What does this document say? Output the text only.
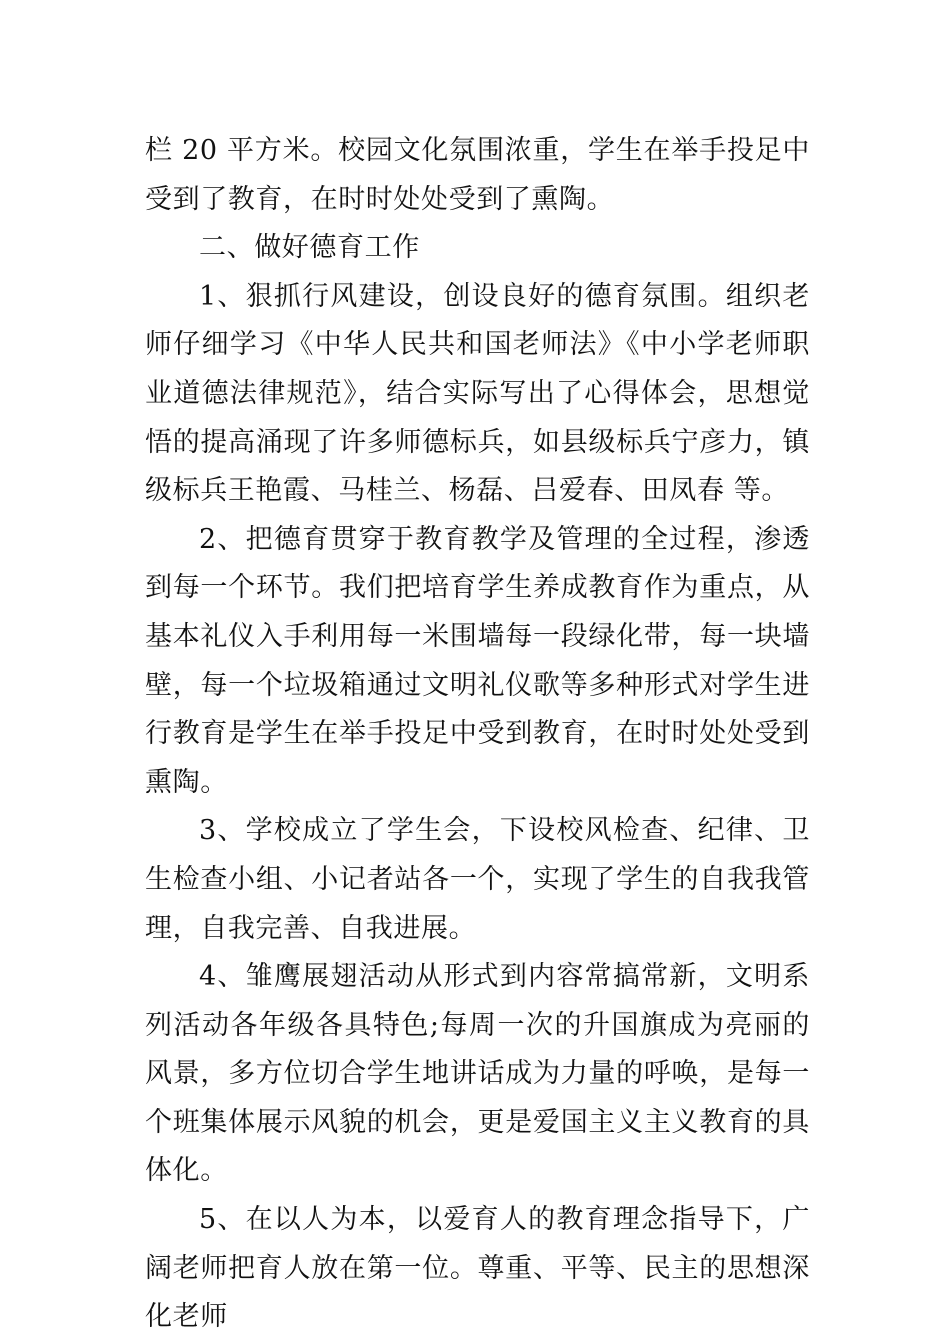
栏 20 平方米。校园文化氛围浓重，学生在举手投足中受到了教育，在时时处处受到了熏陶。

二、做好德育工作

1、狠抓行风建设，创设良好的德育氛围。组织老师仔细学习《中华人民共和国老师法》《中小学老师职业道德法律规范》，结合实际写出了心得体会，思想觉悟的提高涌现了许多师德标兵，如县级标兵宁彦力，镇级标兵王艳霞、马桂兰、杨磊、吕爱春、田凤春 等。

2、把德育贯穿于教育教学及管理的全过程，渗透到每一个环节。我们把培育学生养成教育作为重点，从基本礼仪入手利用每一米围墙每一段绿化带，每一块墙壁，每一个垃圾箱通过文明礼仪歌等多种形式对学生进行教育是学生在举手投足中受到教育，在时时处处受到熏陶。

3、学校成立了学生会，下设校风检查、纪律、卫生检查小组、小记者站各一个，实现了学生的自我我管理，自我完善、自我进展。

4、雏鹰展翅活动从形式到内容常搞常新，文明系列活动各年级各具特色;每周一次的升国旗成为亮丽的风景，多方位切合学生地讲话成为力量的呼唤，是每一个班集体展示风貌的机会，更是爱国主义主义教育的具体化。

5、在以人为本，以爱育人的教育理念指导下，广阔老师把育人放在第一位。尊重、平等、民主的思想深化老师
